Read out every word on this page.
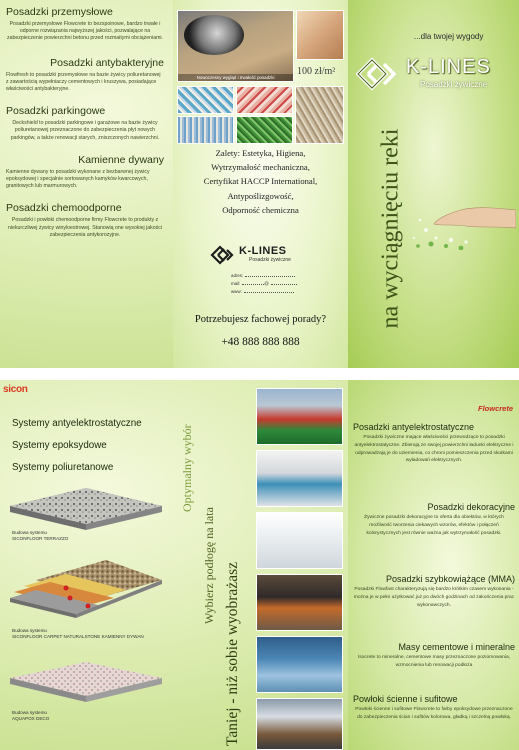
Posadzki przemysłowe

Posadzki przemysłowe Flowcrete to bezspoinowe, bardzo trwałe i odporne rozwiązania najwyższej jakości, pozwalające na zabezpieczenie powierzchni betonu przed rozmaitymi obciążeniami.

Posadzki antybakteryjne

Flowfresh to posadzki przemysłowe na bazie żywicy poliuretanowej z zawartością wypełniaczy cementowych i kruszywa, posiadające właściwości antybakteryjne.

Posadzki parkingowe

Deckshield to posadzki parkingowe i garażowe na bazie żywicy poliuretanowej przeznaczone do zabezpieczenia płyt nowych parkingów, a także renowacji starych, zniszczonych nawierzchni.

Kamienne dywany

Kamienne dywany to posadzki wykonane z bezbarwnej żywicy epoksydowej i specjalnie sortowanych kamyków kwarcowych, granitowych lub marmurowych.

Posadzki chemoodporne

Posadzki i powłoki chemoodporne firmy Flowcrete to produkty z niekurczliwej żywicy winyloestrowej. Stanowią one wysokiej jakości zabezpieczenia antykorozyjne.

Nowoczesny wygląd i trwałość posadzki
100 zł/m²
Zalety: Estetyka, Higiena,
Wytrzymałość mechaniczna,
Certyfikat HACCP International,
Antypoślizgowość,
Odporność chemiczna
K-LINES
Posadzki żywiczne
adres:
mail:	@
www:
Potrzebujesz fachowej porady?
+48 888 888 888
...dla twojej wygody
K-LINES
Posadzki żywiczne
na wyciągnięciu reki
sicon
Systemy antyelektrostatyczne
Systemy epoksydowe
Systemy poliuretanowe
Budowa systemu
SICONFLOOR TERRAZZO
Budowa systemu
SICONFLOOR CARPET NATURALSTONE KAMIENNY DYWAN
Budowa systemu
AQUAPOX DECO
Optymalny wybór
Wybierz podłogę na lata Taniej - niż sobie wyobrażasz
Flowcrete
Posadzki antyelektrostatyczne

Posadzki żywiczne mające właściwości przewodzące to posadzki antyelektrostatyczne. Zbierają ze swojej powierzchni ładunki elektryczne i odprowadzają je do uziemienia, co chroni pomieszczenia przed skutkami wyładowań elektrycznych.

Posadzki dekoracyjne

Żywiczne posadzki dekoracyjne to oferta dla obiektów, w których możliwość tworzenia ciekawych wzorów, efektów i połączeń kolorystycznych jest równie ważna jak wytrzymałość posadzki.

Posadzki szybkowiążące (MMA)

Posadzki Flowfast charakteryzują się bardzo krótkim czasem wykonania - można je w pełni użytkować już po dwóch godzinach od zakończenia prac wykonawczych.

Masy cementowe i mineralne

Isocrete to mineralne, cementowe masy przeznaczone poziomowania, wzmocnienia lub renowacji podłoża

Powłoki ścienne i sufitowe

Powłoki ścienne i sufitowe Flowcrete to farby epoksydowe przeznaczone do zabezpieczenia ścian i sufitów kolorowa, gładką i szczelną powłoką.
